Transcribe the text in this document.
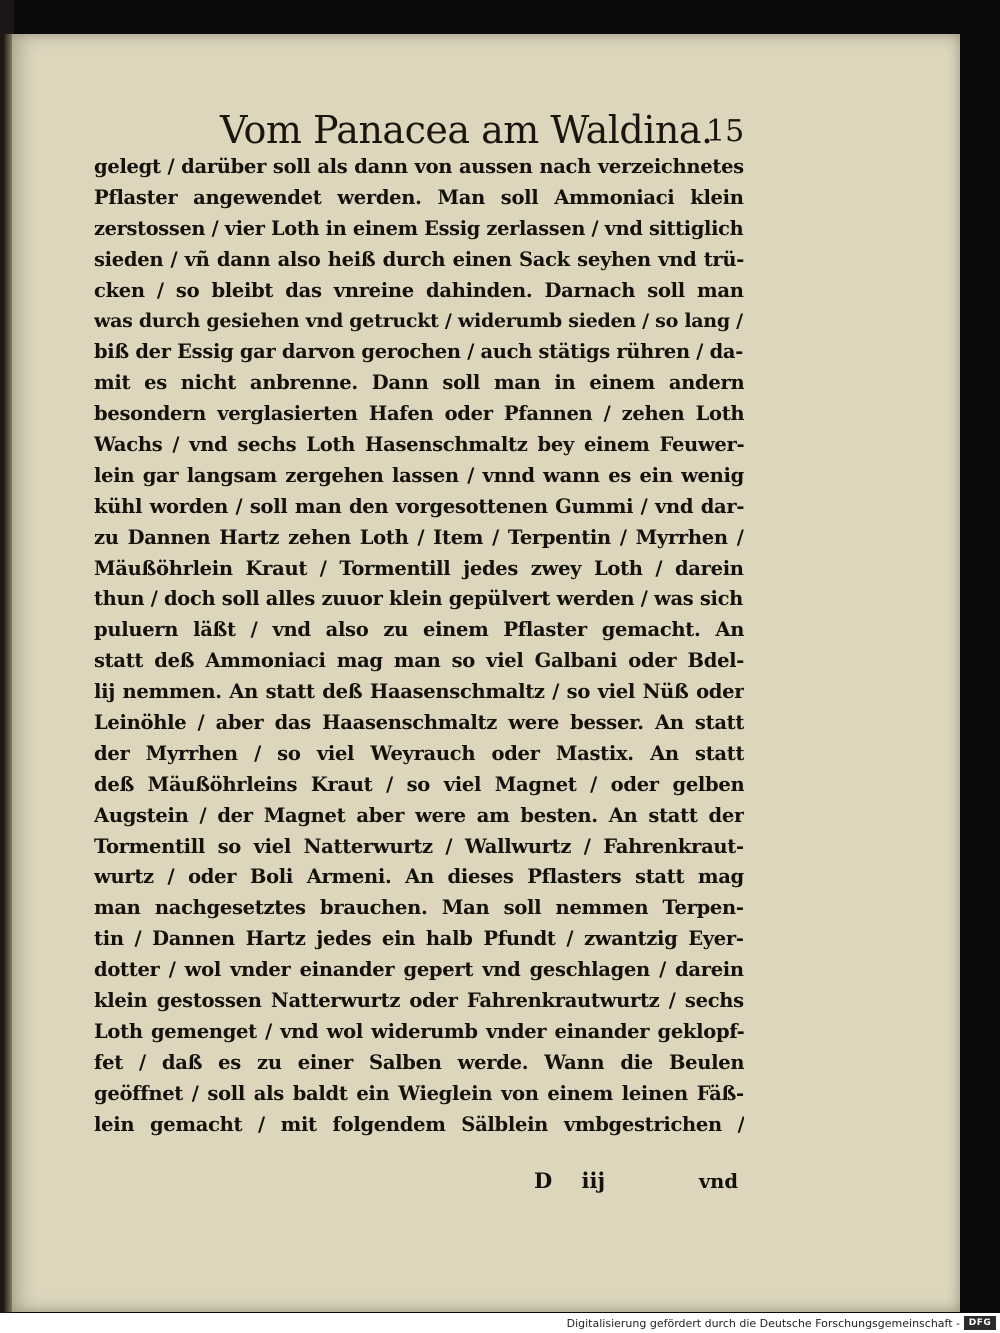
Vom Panacea am Waldina.
15
gelegt / darüber soll als dann von aussen nach verzeichnetes
Pflaster angewendet werden. Man soll Ammoniaci klein
zerstossen / vier Loth in einem Essig zerlassen / vnd sittiglich
sieden / vñ dann also heiß durch einen Sack seyhen vnd trü-
cken / so bleibt das vnreine dahinden. Darnach soll man
was durch gesiehen vnd getruckt / widerumb sieden / so lang /
biß der Essig gar darvon gerochen / auch stätigs rühren / da-
mit es nicht anbrenne. Dann soll man in einem andern
besondern verglasierten Hafen oder Pfannen / zehen Loth
Wachs / vnd sechs Loth Hasenschmaltz bey einem Feuwer-
lein gar langsam zergehen lassen / vnnd wann es ein wenig
kühl worden / soll man den vorgesottenen Gummi / vnd dar-
zu Dannen Hartz zehen Loth / Item / Terpentin / Myrrhen /
Mäußöhrlein Kraut / Tormentill jedes zwey Loth / darein
thun / doch soll alles zuuor klein gepülvert werden / was sich
puluern läßt / vnd also zu einem Pflaster gemacht. An
statt deß Ammoniaci mag man so viel Galbani oder Bdel-
lij nemmen. An statt deß Haasenschmaltz / so viel Nüß oder
Leinöhle / aber das Haasenschmaltz were besser. An statt
der Myrrhen / so viel Weyrauch oder Mastix. An statt
deß Mäußöhrleins Kraut / so viel Magnet / oder gelben
Augstein / der Magnet aber were am besten. An statt der
Tormentill so viel Natterwurtz / Wallwurtz / Fahrenkraut-
wurtz / oder Boli Armeni. An dieses Pflasters statt mag
man nachgesetztes brauchen. Man soll nemmen Terpen-
tin / Dannen Hartz jedes ein halb Pfundt / zwantzig Eyer-
dotter / wol vnder einander gepert vnd geschlagen / darein
klein gestossen Natterwurtz oder Fahrenkrautwurtz / sechs
Loth gemenget / vnd wol widerumb vnder einander geklopf-
fet / daß es zu einer Salben werde. Wann die Beulen
geöffnet / soll als baldt ein Wieglein von einem leinen Fäß-
lein gemacht / mit folgendem Sälblein vmbgestrichen /
D iij	vnd
Digitalisierung gefördert durch die Deutsche Forschungsgemeinschaft - DFG
